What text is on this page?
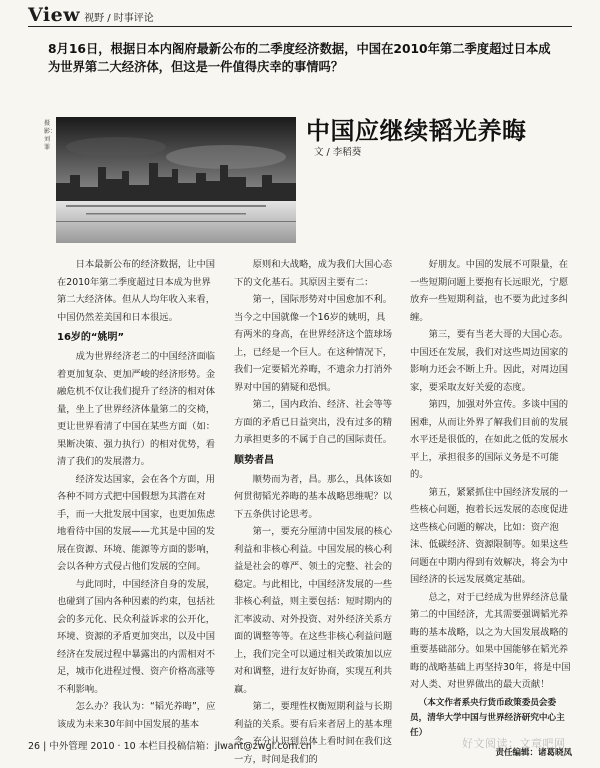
View 视野 / 时事评论
8月16日，根据日本内阁府最新公布的二季度经济数据，中国在2010年第二季度超过日本成为世界第二大经济体，但这是一件值得庆幸的事情吗？
摄影：刘罪
中国应继续韬光养晦
文 / 李稻葵

日本最新公布的经济数据，让中国在2010年第二季度超过日本成为世界第二大经济体。但从人均年收入来看，中国仍然差美国和日本很远。

16岁的“姚明”

成为世界经济老二的中国经济面临着更加复杂、更加严峻的经济形势。金融危机不仅让我们提升了经济的相对体量，坐上了世界经济体量第二的交椅，更让世界看清了中国在某些方面（如：果断决策、强力执行）的相对优势，看清了我们的发展潜力。

经济发达国家，会在各个方面，用各种不同方式把中国假想为其潜在对手，而一大批发展中国家，也更加焦虑地看待中国的发展——尤其是中国的发展在资源、环境、能源等方面的影响，会以各种方式侵占他们发展的空间。

与此同时，中国经济自身的发展，也碰到了国内各种因素的约束，包括社会的多元化、民众利益诉求的公开化，环境、资源的矛盾更加突出，以及中国经济在发展过程中暴露出的内需相对不足，城市化进程过慢、资产价格高涨等不利影响。

怎么办？我认为：“韬光养晦”，应该成为未来30年间中国发展的基本

原则和大战略，成为我们大国心态下的文化基石。其原因主要有二：

第一，国际形势对中国愈加不利。当今之中国就像一个16岁的姚明，具有两米的身高，在世界经济这个篮球场上，已经是一个巨人。在这种情况下，我们一定要韬光养晦，不遗余力打消外界对中国的猜疑和恐惧。

第二，国内政治、经济、社会等等方面的矛盾已日益突出，没有过多的精力承担更多的不属于自己的国际责任。

顺势者昌

顺势而为者，昌。那么，具体该如何贯彻韬光养晦的基本战略思维呢？以下五条供讨论思考。

第一，要充分厘清中国发展的核心利益和非核心利益。中国发展的核心利益是社会的尊严、领土的完整、社会的稳定。与此相比，中国经济发展的一些非核心利益，则主要包括：短时期内的汇率波动、对外投资、对外经济关系方面的调整等等。在这些非核心利益问题上，我们完全可以通过相关政策加以应对和调整，进行友好协商，实现互利共赢。

第二，要理性权衡短期利益与长期利益的关系。要有后来者居上的基本理念，充分认识到总体上看时间在我们这一方，时间是我们的

好朋友。中国的发展不可限量，在一些短期问题上要抱有长远眼光，宁愿放弃一些短期利益，也不要为此过多纠缠。

第三，要有当老大哥的大国心态。中国还在发展，我们对这些周边国家的影响力还会不断上升。因此，对周边国家，要采取友好关爱的态度。

第四，加强对外宣传。多谈中国的困难，从而让外界了解我们目前的发展水平还是很低的，在如此之低的发展水平上，承担很多的国际义务是不可能的。

第五，紧紧抓住中国经济发展的一些核心问题，抱着长远发展的态度促进这些核心问题的解决，比如：资产泡沫、低碳经济、资源限制等。如果这些问题在中期内得到有效解决，将会为中国经济的长远发展奠定基础。

总之，对于已经成为世界经济总量第二的中国经济，尤其需要强调韬光养晦的基本战略，以之为大国发展战略的重要基础部分。如果中国能够在韬光养晦的战略基础上再坚持30年，将是中国对人类、对世界做出的最大贡献！

（本文作者系央行货币政策委员会委员，清华大学中国与世界经济研究中心主任）

责任编辑：诸葛晓凤

26 | 中外管理 2010 · 10 本栏目投稿信箱：jlwant@zwgl.com.cn	好文阅读：文章吧网
